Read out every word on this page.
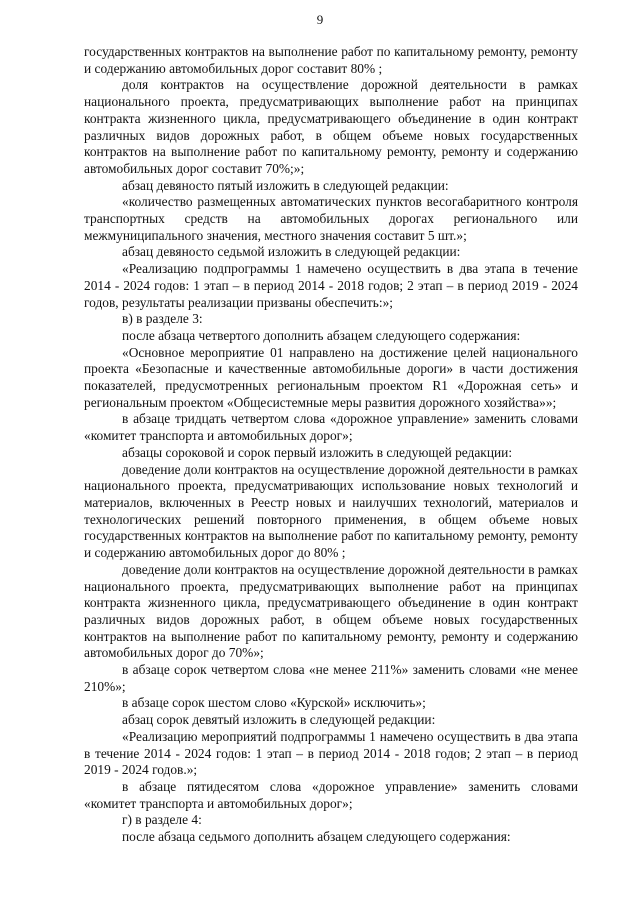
9

государственных контрактов на выполнение работ по капитальному ремонту, ремонту и содержанию автомобильных дорог составит 80% ;

доля контрактов на осуществление дорожной деятельности в рамках национального проекта, предусматривающих выполнение работ на принципах контракта жизненного цикла, предусматривающего объединение в один контракт различных видов дорожных работ, в общем объеме новых государственных контрактов на выполнение работ по капитальному ремонту, ремонту и содержанию автомобильных дорог составит 70%;»;

абзац девяносто пятый изложить в следующей редакции:

«количество размещенных автоматических пунктов весогабаритного контроля транспортных средств на автомобильных дорогах регионального или межмуниципального значения, местного значения составит 5 шт.»;

абзац девяносто седьмой изложить в следующей редакции:

«Реализацию подпрограммы 1 намечено осуществить в два этапа в течение 2014 - 2024 годов: 1 этап – в период 2014 - 2018 годов; 2 этап – в период 2019 - 2024 годов, результаты реализации призваны обеспечить:»;

в) в разделе 3:

после абзаца четвертого дополнить абзацем следующего содержания:

«Основное мероприятие 01 направлено на достижение целей национального проекта «Безопасные и качественные автомобильные дороги» в части достижения показателей, предусмотренных региональным проектом R1 «Дорожная сеть» и региональным проектом «Общесистемные меры развития дорожного хозяйства»»;

в абзаце тридцать четвертом слова «дорожное управление» заменить словами «комитет транспорта и автомобильных дорог»;

абзацы сороковой и сорок первый изложить в следующей редакции:

доведение доли контрактов на осуществление дорожной деятельности в рамках национального проекта, предусматривающих использование новых технологий и материалов, включенных в Реестр новых и наилучших технологий, материалов и технологических решений повторного применения, в общем объеме новых государственных контрактов на выполнение работ по капитальному ремонту, ремонту и содержанию автомобильных дорог до 80% ;

доведение доли контрактов на осуществление дорожной деятельности в рамках национального проекта, предусматривающих выполнение работ на принципах контракта жизненного цикла, предусматривающего объединение в один контракт различных видов дорожных работ, в общем объеме новых государственных контрактов на выполнение работ по капитальному ремонту, ремонту и содержанию автомобильных дорог до 70%»;

в абзаце сорок четвертом слова «не менее 211%» заменить словами «не менее 210%»;

в абзаце сорок шестом слово «Курской» исключить»;

абзац сорок девятый изложить в следующей редакции:

«Реализацию мероприятий подпрограммы 1 намечено осуществить в два этапа в течение 2014 - 2024 годов: 1 этап – в период 2014 - 2018 годов; 2 этап – в период 2019 - 2024 годов.»;

в абзаце пятидесятом слова «дорожное управление» заменить словами «комитет транспорта и автомобильных дорог»;

г) в разделе 4:

после абзаца седьмого дополнить абзацем следующего содержания:
